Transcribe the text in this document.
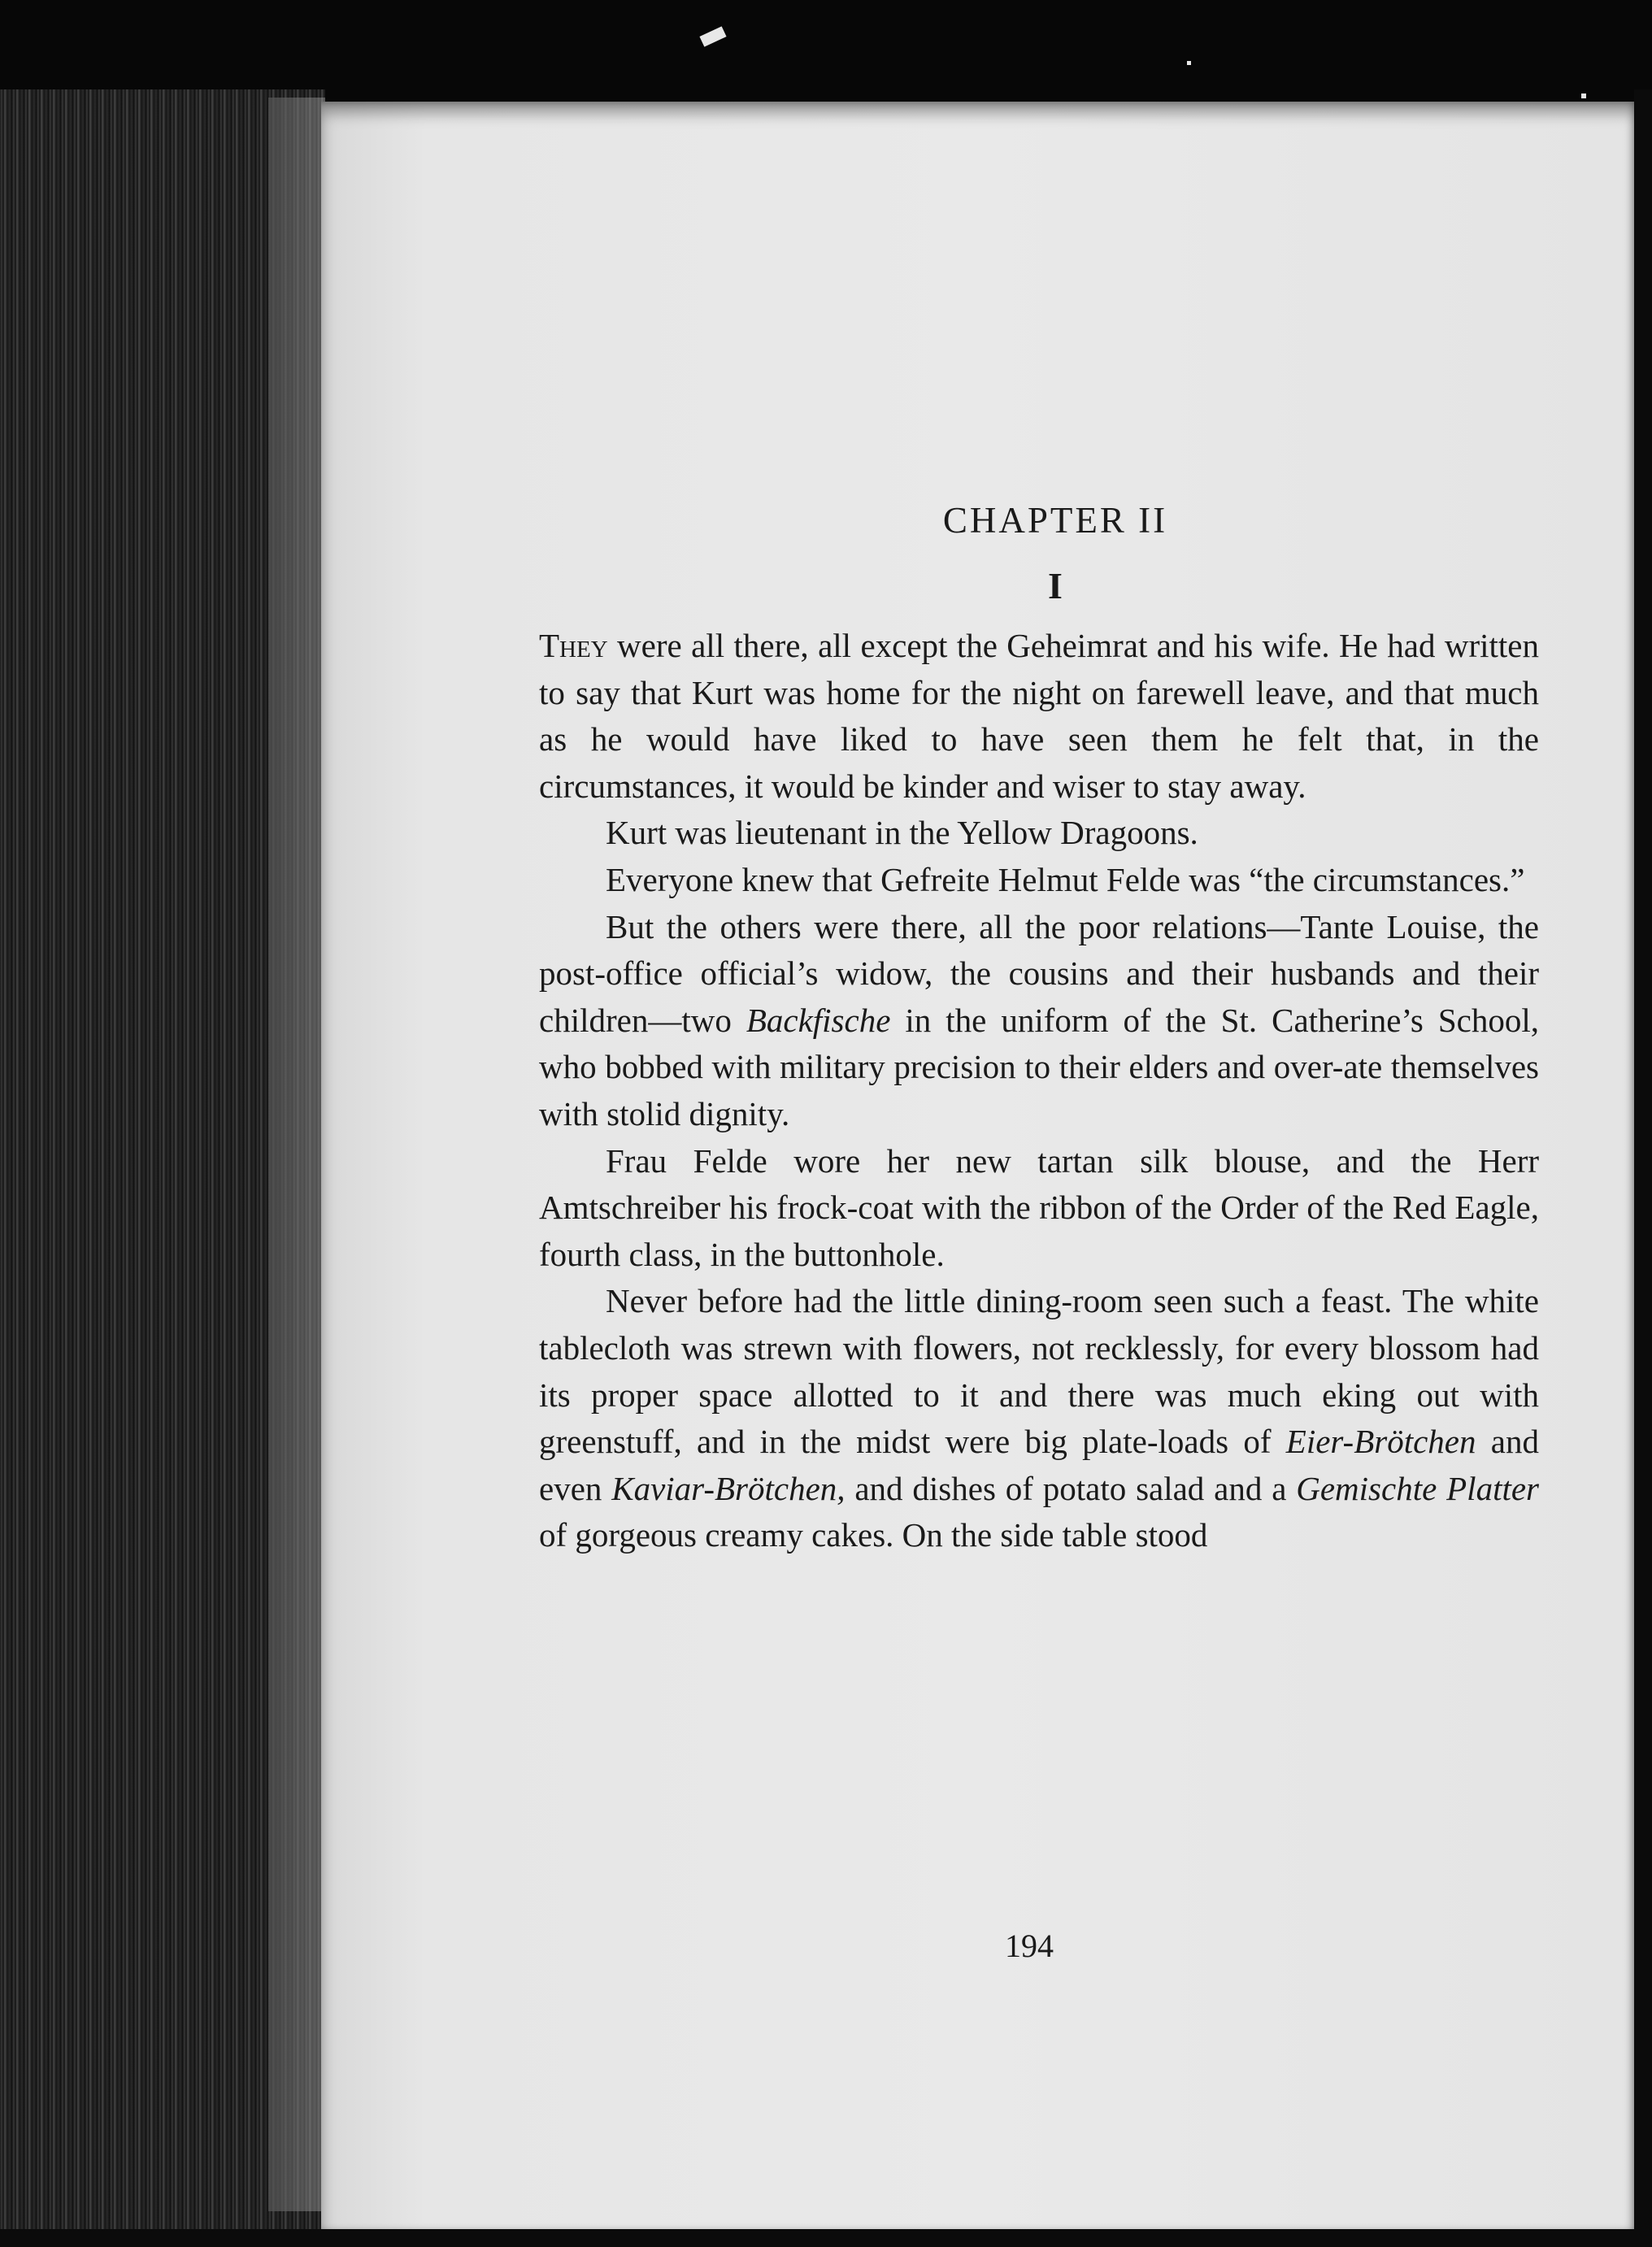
CHAPTER II

I

They were all there, all except the Geheimrat and his wife. He had written to say that Kurt was home for the night on farewell leave, and that much as he would have liked to have seen them he felt that, in the circumstances, it would be kinder and wiser to stay away.

Kurt was lieutenant in the Yellow Dragoons.

Everyone knew that Gefreite Helmut Felde was “the circumstances.”

But the others were there, all the poor relations—Tante Louise, the post-office official’s widow, the cousins and their husbands and their children—two Backfische in the uniform of the St. Catherine’s School, who bobbed with military precision to their elders and over-ate themselves with stolid dignity.

Frau Felde wore her new tartan silk blouse, and the Herr Amtschreiber his frock-coat with the ribbon of the Order of the Red Eagle, fourth class, in the buttonhole.

Never before had the little dining-room seen such a feast. The white tablecloth was strewn with flowers, not recklessly, for every blossom had its proper space allotted to it and there was much eking out with greenstuff, and in the midst were big plate-loads of Eier-Brötchen and even Kaviar-Brötchen, and dishes of potato salad and a Gemischte Platter of gorgeous creamy cakes. On the side table stood

194
